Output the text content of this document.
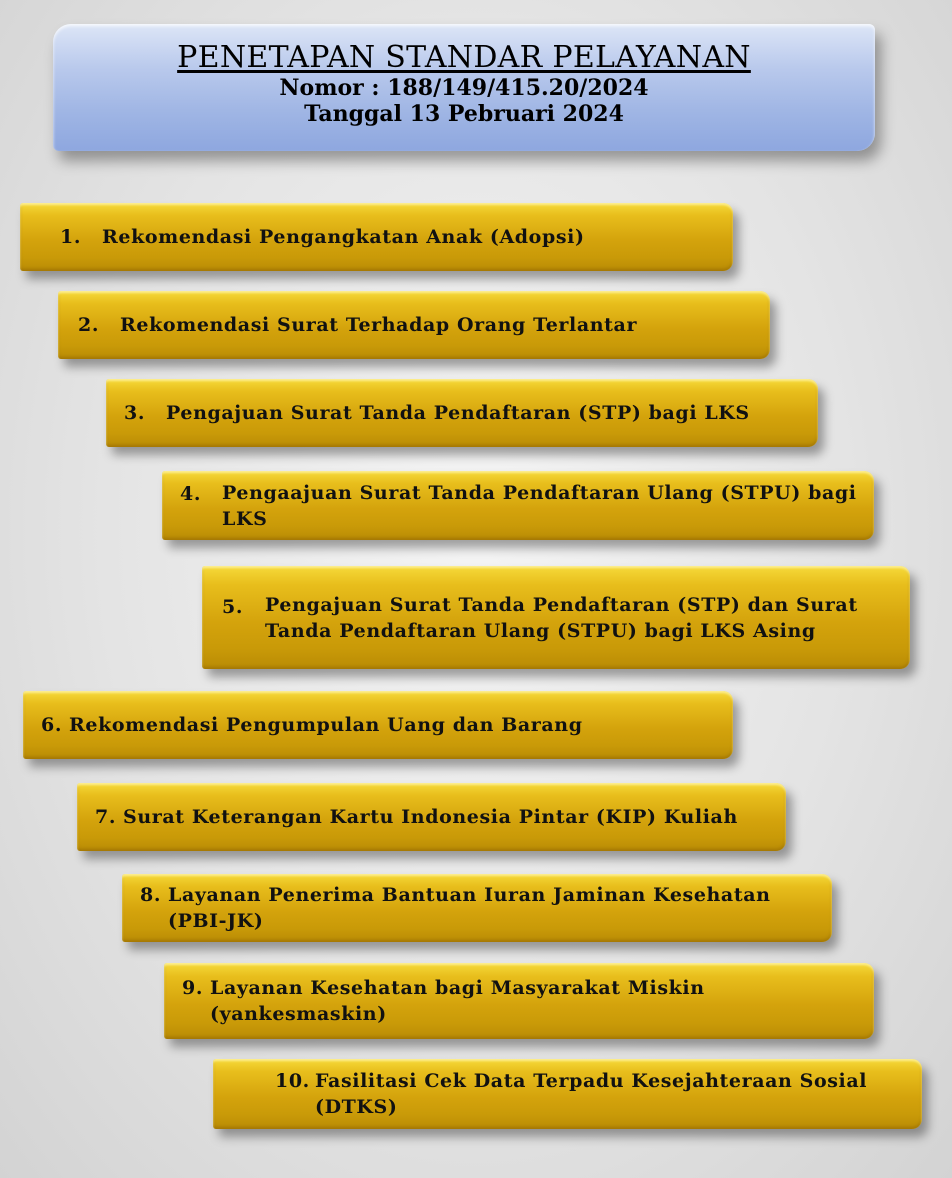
PENETAPAN STANDAR PELAYANAN
Nomor : 188/149/415.20/2024
Tanggal 13 Pebruari 2024
1.	Rekomendasi Pengangkatan Anak (Adopsi)
2.	Rekomendasi Surat Terhadap Orang Terlantar
3.	Pengajuan Surat Tanda Pendaftaran (STP) bagi LKS
4.	Pengaajuan Surat Tanda Pendaftaran Ulang (STPU) bagi LKS
5.	Pengajuan Surat Tanda Pendaftaran (STP) dan Surat Tanda Pendaftaran Ulang (STPU) bagi LKS Asing
6. Rekomendasi Pengumpulan Uang dan Barang
7. Surat Keterangan Kartu Indonesia Pintar (KIP) Kuliah
8. Layanan Penerima Bantuan Iuran Jaminan Kesehatan (PBI-JK)
9. Layanan Kesehatan bagi Masyarakat Miskin (yankesmaskin)
10. Fasilitasi Cek Data Terpadu Kesejahteraan Sosial (DTKS)
